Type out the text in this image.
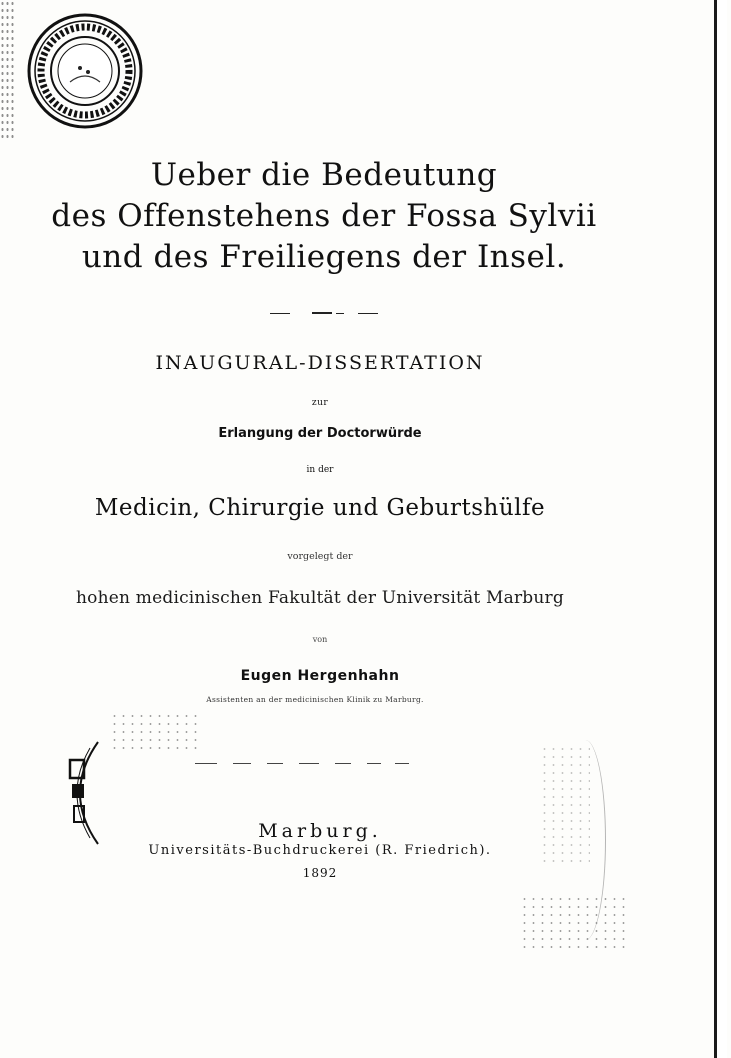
Ueber die Bedeutung
des Offenstehens der Fossa Sylvii
und des Freiliegens der Insel.
INAUGURAL-DISSERTATION
zur
Erlangung der Doctorwürde
in der
Medicin, Chirurgie und Geburtshülfe
vorgelegt der
hohen medicinischen Fakultät der Universität Marburg
von
Eugen Hergenhahn
Assistenten an der medicinischen Klinik zu Marburg.
Marburg.
Universitäts-Buchdruckerei (R. Friedrich).
1892
